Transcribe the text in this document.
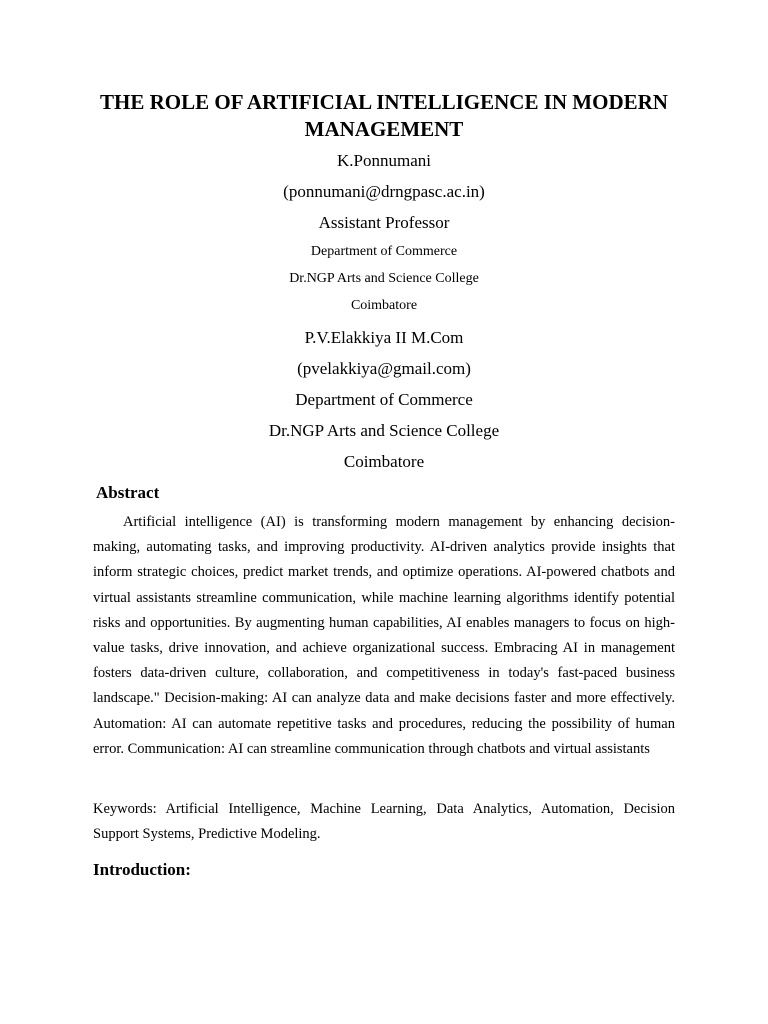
THE ROLE OF ARTIFICIAL INTELLIGENCE IN MODERN MANAGEMENT

K.Ponnumani

(ponnumani@drngpasc.ac.in)

Assistant Professor

Department of Commerce

Dr.NGP Arts and Science College

Coimbatore

P.V.Elakkiya II M.Com

(pvelakkiya@gmail.com)

Department of Commerce

Dr.NGP Arts and Science College

Coimbatore

Abstract

Artificial intelligence (AI) is transforming modern management by enhancing decision-making, automating tasks, and improving productivity. AI-driven analytics provide insights that inform strategic choices, predict market trends, and optimize operations. AI-powered chatbots and virtual assistants streamline communication, while machine learning algorithms identify potential risks and opportunities. By augmenting human capabilities, AI enables managers to focus on high-value tasks, drive innovation, and achieve organizational success. Embracing AI in management fosters data-driven culture, collaboration, and competitiveness in today's fast-paced business landscape." Decision-making: AI can analyze data and make decisions faster and more effectively. Automation: AI can automate repetitive tasks and procedures, reducing the possibility of human error. Communication: AI can streamline communication through chatbots and virtual assistants

Keywords: Artificial Intelligence, Machine Learning, Data Analytics, Automation, Decision Support Systems, Predictive Modeling.

Introduction:
